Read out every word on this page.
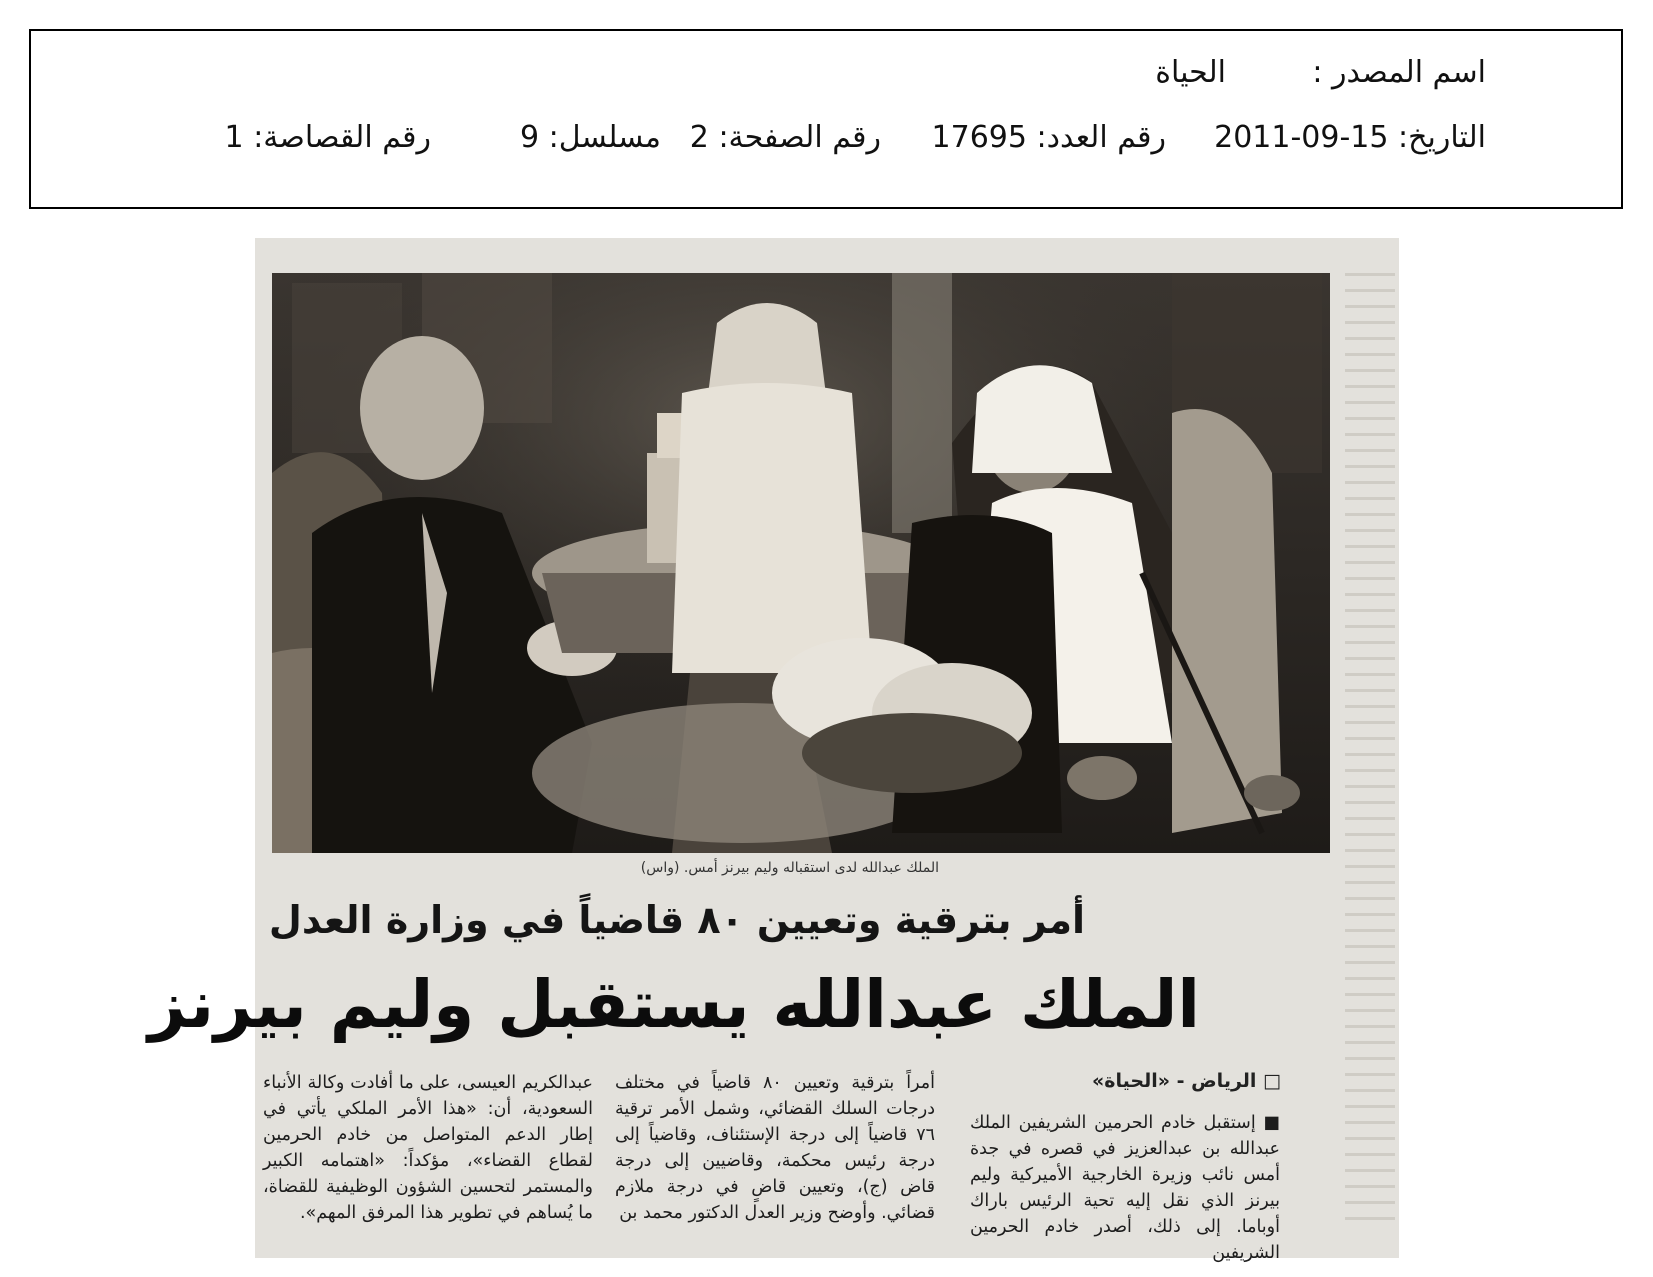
اسم المصدر :
الحياة
التاريخ: 2011-09-15
رقم العدد: 17695
رقم الصفحة: 2
مسلسل: 9
رقم القصاصة: 1
الملك عبدالله لدى استقباله وليم بيرنز أمس. (واس)
أمر بترقية وتعيين ٨٠ قاضياً في وزارة العدل
الملك عبدالله يستقبل وليم بيرنز
□ الرياض - «الحياة»

■ إستقبل خادم الحرمين الشريفين الملك عبدالله بن عبدالعزيز في قصره في جدة أمس نائب وزيرة الخارجية الأميركية وليم بيرنز الذي نقل إليه تحية الرئيس باراك أوباما. إلى ذلك، أصدر خادم الحرمين الشريفين

أمراً بترقية وتعيين ٨٠ قاضياً في مختلف درجات السلك القضائي، وشمل الأمر ترقية ٧٦ قاضياً إلى درجة الإستئناف، وقاضياً إلى درجة رئيس محكمة، وقاضيين إلى درجة قاض (ج)، وتعيين قاضٍ في درجة ملازم قضائي. وأوضح وزير العدل الدكتور محمد بن

عبدالكريم العيسى، على ما أفادت وكالة الأنباء السعودية، أن: «هذا الأمر الملكي يأتي في إطار الدعم المتواصل من خادم الحرمين لقطاع القضاء»، مؤكداً: «اهتمامه الكبير والمستمر لتحسين الشؤون الوظيفية للقضاة، ما يُساهم في تطوير هذا المرفق المهم».
